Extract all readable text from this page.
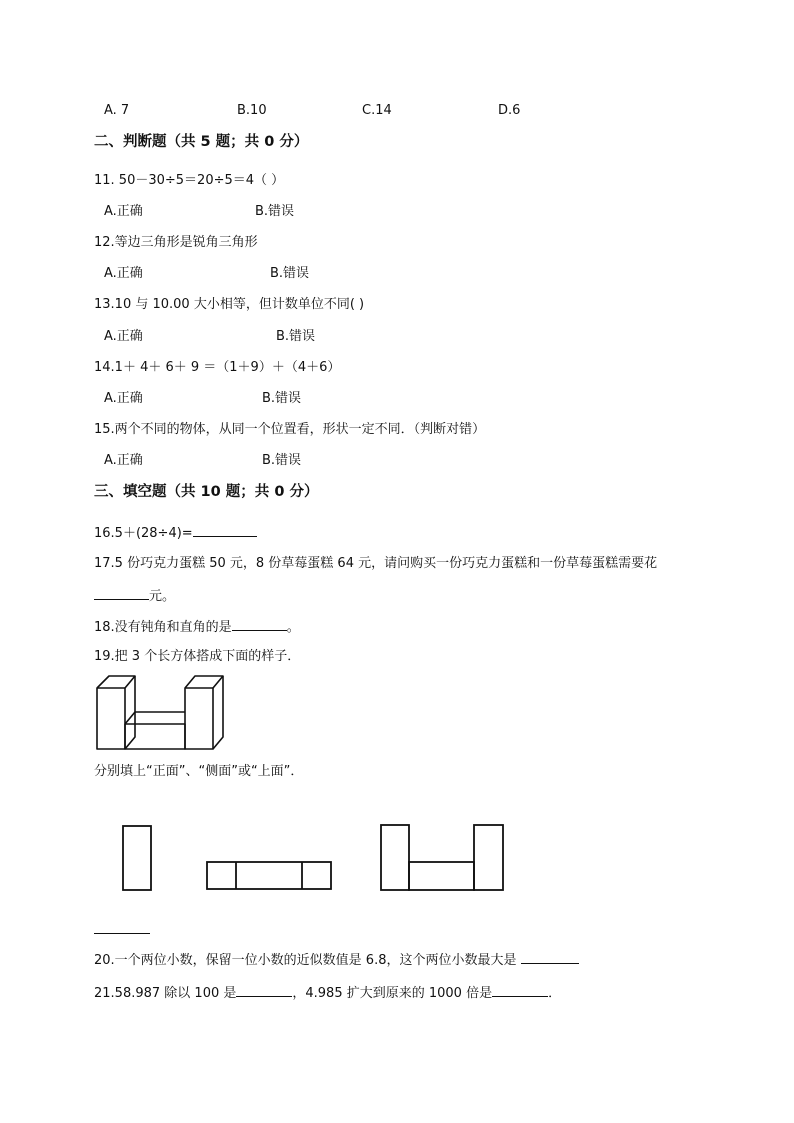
A. 7	B.10	C.14	D.6
二、判断题（共 5 题；共 0 分）
11. 50－30÷5＝20÷5＝4（ ）
A.正确	B.错误
12.等边三角形是锐角三角形
A.正确	B.错误
13.10 与 10.00 大小相等，但计数单位不同( )
A.正确	B.错误
14.1＋ 4＋ 6＋ 9 ＝（1＋9）＋（4＋6）
A.正确	B.错误
15.两个不同的物体，从同一个位置看，形状一定不同．（判断对错）
A.正确	B.错误
三、填空题（共 10 题；共 0 分）
16.5＋(28÷4)=
17.5 份巧克力蛋糕 50 元，8 份草莓蛋糕 64 元，请问购买一份巧克力蛋糕和一份草莓蛋糕需要花
元。
18.没有钝角和直角的是	。
19.把 3 个长方体搭成下面的样子．
分别填上“正面”、“侧面”或“上面”．
20.一个两位小数，保留一位小数的近似数值是 6.8，这个两位小数最大是
21.58.987 除以 100 是	，4.985 扩大到原来的 1000 倍是	．
